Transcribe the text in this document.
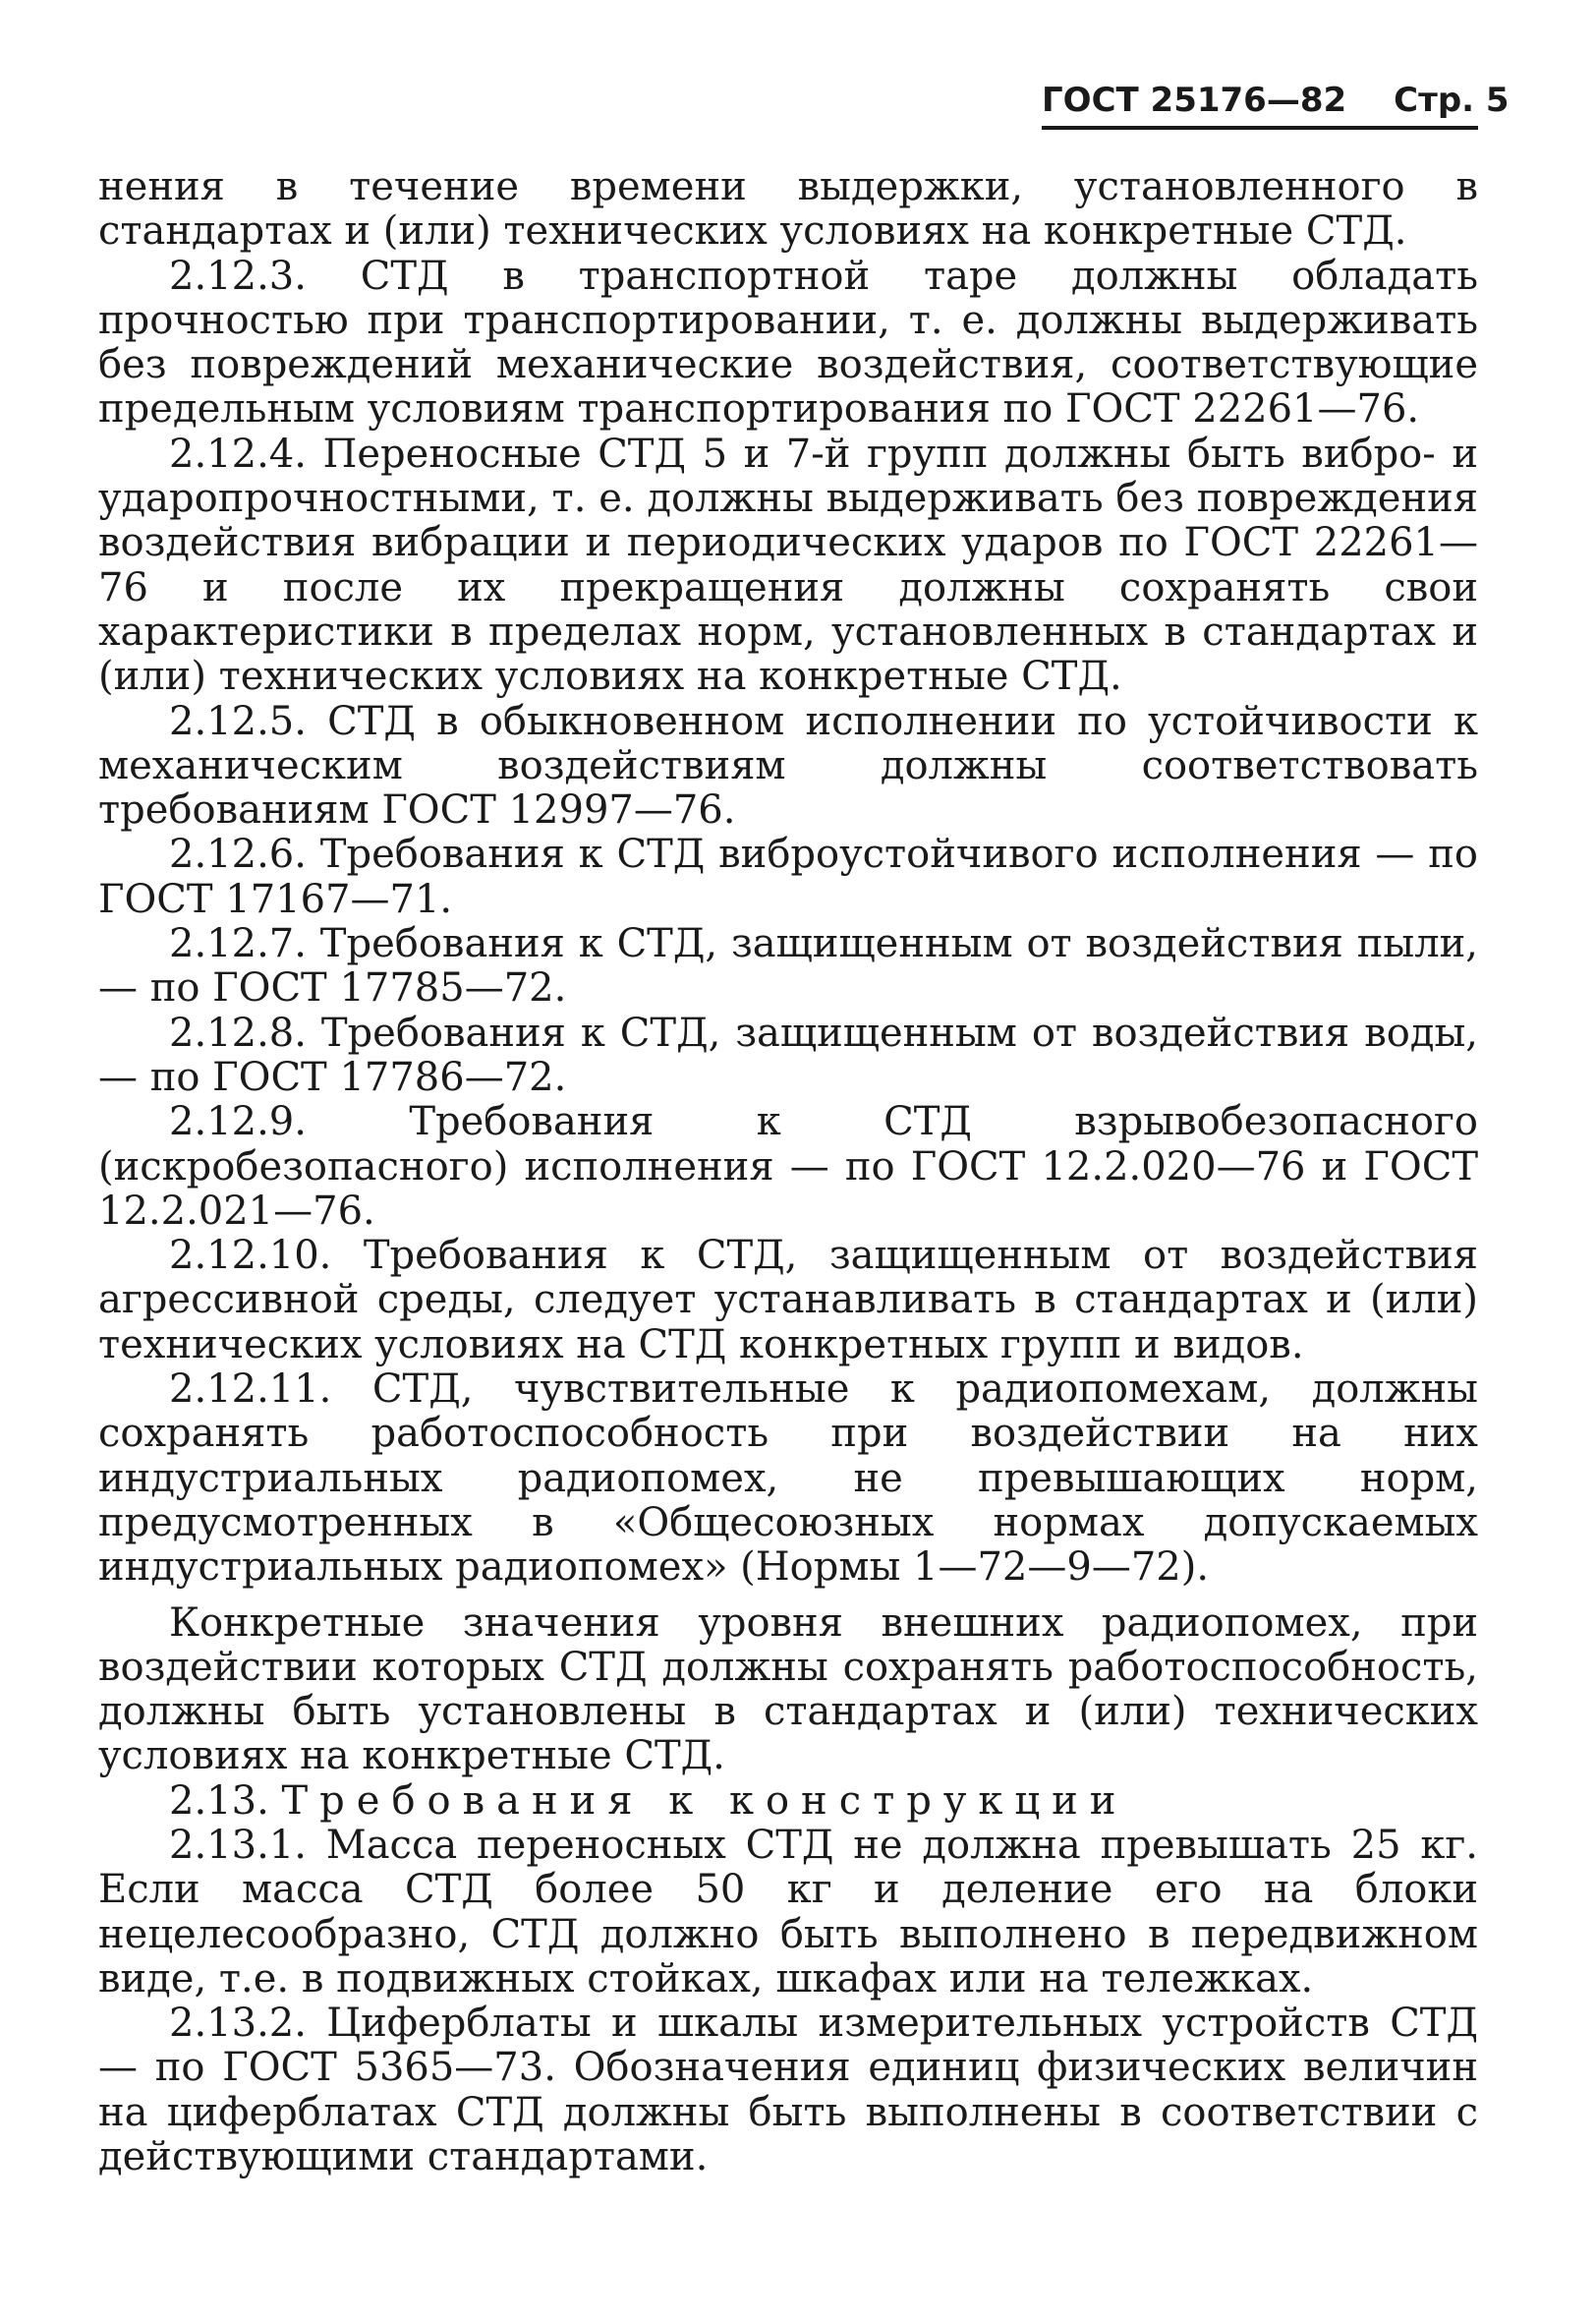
ГОСТ 25176—82 Стр. 5

нения в течение времени выдержки, установленного в стандартах и (или) технических условиях на конкретные СТД.

2.12.3. СТД в транспортной таре должны обладать прочностью при транспортировании, т. е. должны выдерживать без повреждений механические воздействия, соответствующие предельным условиям транспортирования по ГОСТ 22261—76.

2.12.4. Переносные СТД 5 и 7-й групп должны быть вибро- и ударопрочностными, т. е. должны выдерживать без повреждения воздействия вибрации и периодических ударов по ГОСТ 22261—76 и после их прекращения должны сохранять свои характеристики в пределах норм, установленных в стандартах и (или) технических условиях на конкретные СТД.

2.12.5. СТД в обыкновенном исполнении по устойчивости к механическим воздействиям должны соответствовать требованиям ГОСТ 12997—76.

2.12.6. Требования к СТД виброустойчивого исполнения — по ГОСТ 17167—71.

2.12.7. Требования к СТД, защищенным от воздействия пыли, — по ГОСТ 17785—72.

2.12.8. Требования к СТД, защищенным от воздействия воды, — по ГОСТ 17786—72.

2.12.9. Требования к СТД взрывобезопасного (искробезопасного) исполнения — по ГОСТ 12.2.020—76 и ГОСТ 12.2.021—76.

2.12.10. Требования к СТД, защищенным от воздействия агрессивной среды, следует устанавливать в стандартах и (или) технических условиях на СТД конкретных групп и видов.

2.12.11. СТД, чувствительные к радиопомехам, должны сохранять работоспособность при воздействии на них индустриальных радиопомех, не превышающих норм, предусмотренных в «Общесоюзных нормах допускаемых индустриальных радиопомех» (Нормы 1—72—9—72).

Конкретные значения уровня внешних радиопомех, при воздействии которых СТД должны сохранять работоспособность, должны быть установлены в стандартах и (или) технических условиях на конкретные СТД.

2.13. Требования к конструкции

2.13.1. Масса переносных СТД не должна превышать 25 кг. Если масса СТД более 50 кг и деление его на блоки нецелесообразно, СТД должно быть выполнено в передвижном виде, т.е. в подвижных стойках, шкафах или на тележках.

2.13.2. Циферблаты и шкалы измерительных устройств СТД — по ГОСТ 5365—73. Обозначения единиц физических величин на циферблатах СТД должны быть выполнены в соответствии с действующими стандартами.
